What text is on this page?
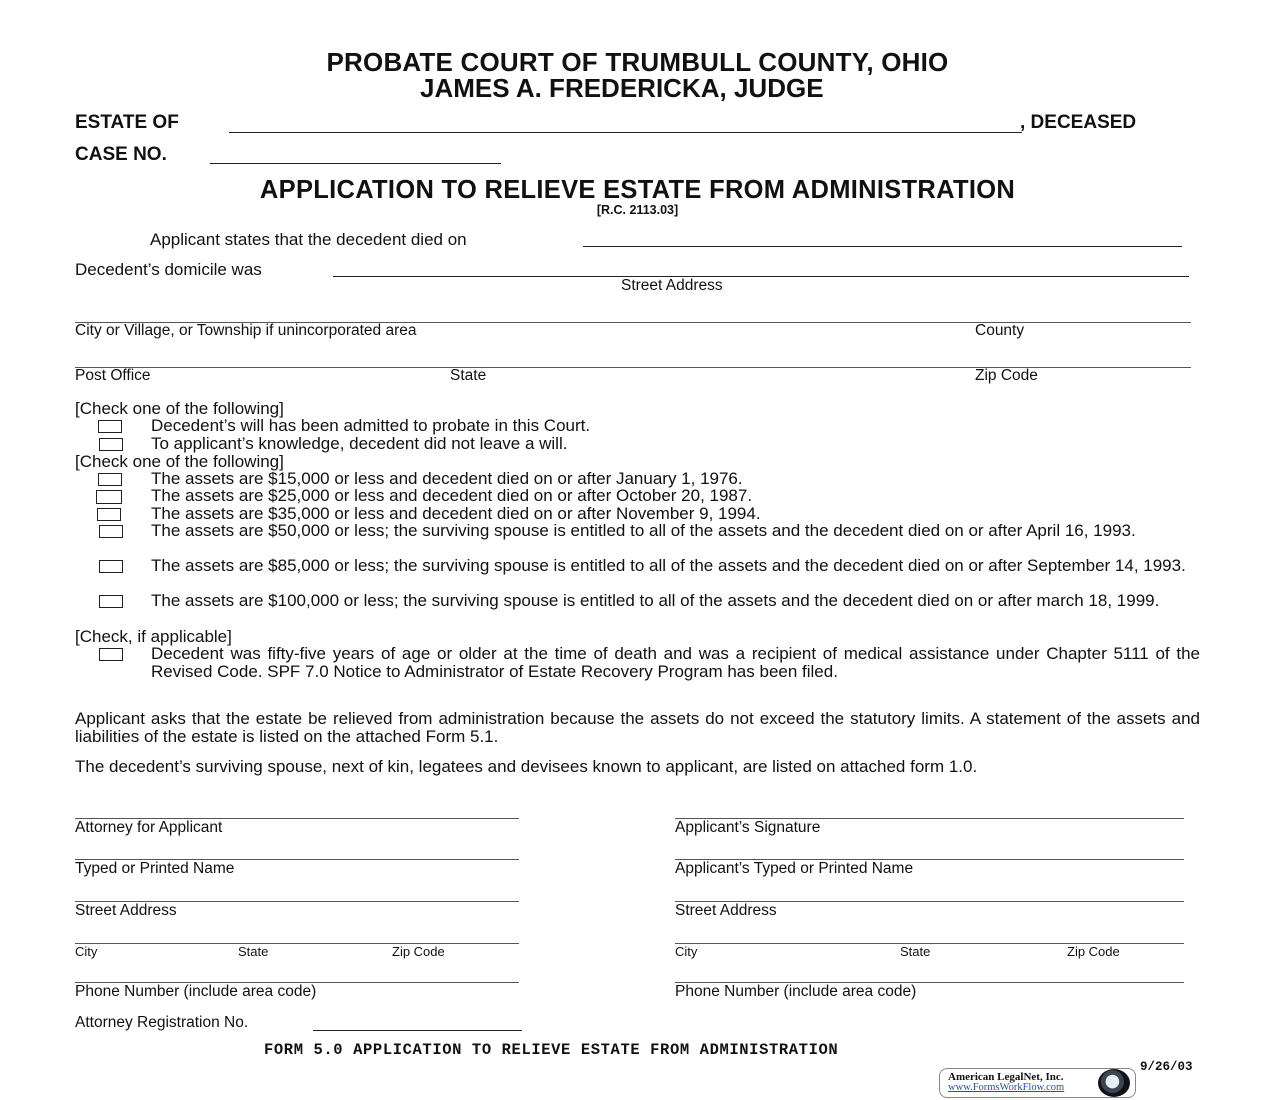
PROBATE COURT OF TRUMBULL COUNTY, OHIO
JAMES A. FREDERICKA, JUDGE
ESTATE OF	, DECEASED
CASE NO.
APPLICATION TO RELIEVE ESTATE FROM ADMINISTRATION
[R.C. 2113.03]
Applicant states that the decedent died on
Decedent’s domicile was
Street Address
City or Village, or Township if unincorporated area	County
Post Office	State	Zip Code
[Check one of the following]
Decedent’s will has been admitted to probate in this Court.
To applicant’s knowledge, decedent did not leave a will.
[Check one of the following]
The assets are $15,000 or less and decedent died on or after January 1, 1976.
The assets are $25,000 or less and decedent died on or after October 20, 1987.
The assets are $35,000 or less and decedent died on or after November 9, 1994.
The assets are $50,000 or less; the surviving spouse is entitled to all of the assets and the decedent died on or after April 16, 1993.
The assets are $85,000 or less; the surviving spouse is entitled to all of the assets and the decedent died on or after September 14, 1993.
The assets are $100,000 or less; the surviving spouse is entitled to all of the assets and the decedent died on or after march 18, 1999.
[Check, if applicable]
Decedent was fifty-five years of age or older at the time of death and was a recipient of medical assistance under Chapter 5111 of the Revised Code. SPF 7.0 Notice to Administrator of Estate Recovery Program has been filed.
Applicant asks that the estate be relieved from administration because the assets do not exceed the statutory limits. A statement of the assets and liabilities of the estate is listed on the attached Form 5.1.
The decedent’s surviving spouse, next of kin, legatees and devisees known to applicant, are listed on attached form 1.0.
Attorney for Applicant
Typed or Printed Name
Street Address
City	State	Zip Code
Phone Number (include area code)
Attorney Registration No.
Applicant’s Signature
Applicant’s Typed or Printed Name
Street Address
City	State	Zip Code
Phone Number (include area code)
FORM 5.0 APPLICATION TO RELIEVE ESTATE FROM ADMINISTRATION
9/26/03
American LegalNet, Inc.
www.FormsWorkFlow.com
